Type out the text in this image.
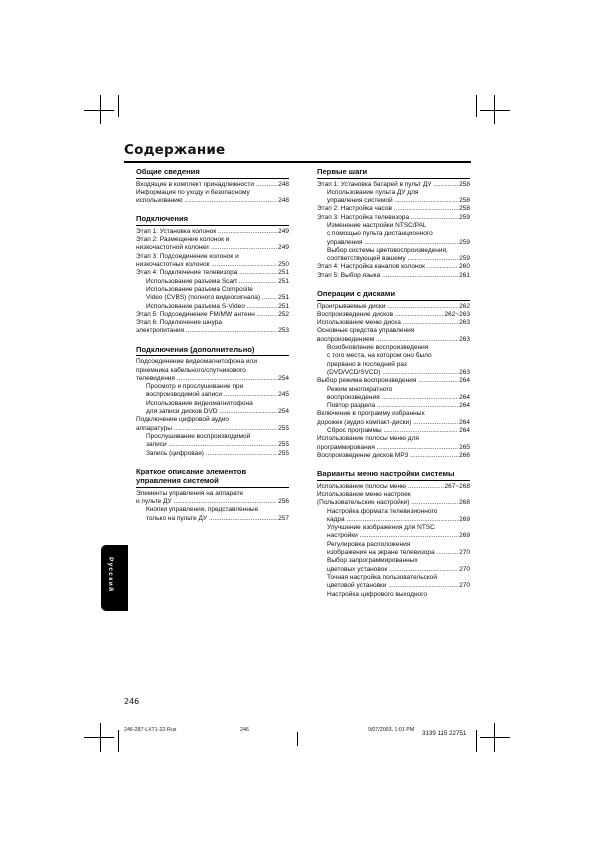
Содержание
Общие сведения
Входящие в комплект принадлежности .....	248
Информация по уходу и безопасному
использованию .....	248
Подключения
Этап 1: Установка колонок .....	249
Этап 2: Размещение колонок и
низкочастотной колонки .....	249
Этап 3: Подсоединение колонок и
низкочастотных колонок .....	250
Этап 4: Подключение телевизора .....	251
Использование разъема Scart .....	251
Использование разъема Composite
Video (CVBS) (полного видеосигнала) .....	251
Использование разъема S-Video .....	251
Этап 5: Подсоединение FM/MW антенн .....	252
Этап 6: Подключение шнура
электропитания .....	253
Подключения (дополнительно)
Подсоединение видеомагнитофона или
приемника кабельного/спутникового
телевидения .....	254
Просмотр и прослушивание при
воспроизводимой записи .....	245
Использование видеомагнитофона
для записи дисков DVD .....	254
Подключение цифровой аудио
аппаратуры .....	255
Прослушивание воспроизводимой
записи .....	255
Запись (цифровая) .....	255
Краткое описание элементов управления системой
Элементы управления на аппарате
и пульте ДУ .....	256
Кнопки управления, представленные
только на пульте ДУ .....	257
Первые шаги
Этап 1: Установка батарей в пульт ДУ .....	258
Использование пульта ДУ для
управления системой .....	258
Этап 2: Настройка часов .....	258
Этап 3: Настройка телевизора .....	259
Изменение настройки NTSC/PAL
с помощью пульта дистанционного
управления .....	259
Выбор системы цветовоспроизведения,
соответствующей вашему .....	259
Этап 4: Настройка каналов колонок .....	260
Этап 5: Выбор языка .....	261
Операции с дисками
Проигрываемые диски .....	262
Воспроизведение дисков .....	262~263
Использование меню диска .....	263
Основные средства управления
воспроизведением .....	263
Возобновление воспроизведения
с того места, на котором оно было
прервано в последний раз
(DVD/VCD/SVCD) .....	263
Выбор режима воспроизведения .....	264
Режим многократного
воспроизведения .....	264
Повтор раздела .....	264
Включение в программу избранных
дорожек (аудио компакт-диски) .....	264
Сброс программы .....	264
Использование полосы меню для
программирования .....	265
Воспроизведение дисков MP3 .....	266
Варианты меню настройки системы
Использование полосы меню .....	267~268
Использование меню настроек
(Пользовательские настройки) .....	268
Настройка формата телевизионного
кадра .....	269
Улучшение изображения для NTSC
настройки .....	269
Регулировка расположения
изображения на экране телевизора .....	270
Выбор запрограммированных
цветовых установок .....	270
Точная настройка пользовательской
цветовой установки .....	270
Настройка цифрового выходного
Русский
246
246-287-LX71-22-Rus	246	9/07/2003, 1:01 PM 3139 115 22751
